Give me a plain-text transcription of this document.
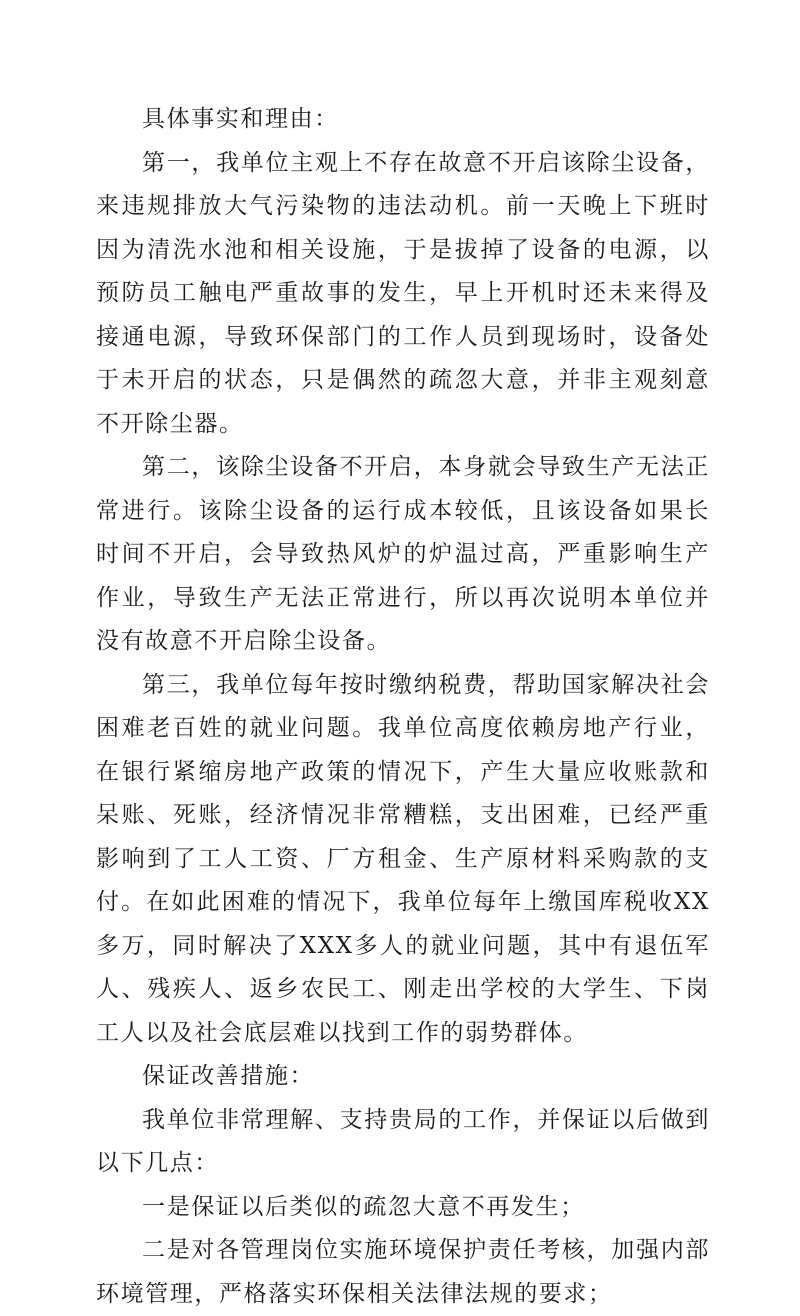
具体事实和理由：

第一，我单位主观上不存在故意不开启该除尘设备，来违规排放大气污染物的违法动机。前一天晚上下班时因为清洗水池和相关设施，于是拔掉了设备的电源，以预防员工触电严重故事的发生，早上开机时还未来得及接通电源，导致环保部门的工作人员到现场时，设备处于未开启的状态，只是偶然的疏忽大意，并非主观刻意不开除尘器。

第二，该除尘设备不开启，本身就会导致生产无法正常进行。该除尘设备的运行成本较低，且该设备如果长时间不开启，会导致热风炉的炉温过高，严重影响生产作业，导致生产无法正常进行，所以再次说明本单位并没有故意不开启除尘设备。

第三，我单位每年按时缴纳税费，帮助国家解决社会困难老百姓的就业问题。我单位高度依赖房地产行业，在银行紧缩房地产政策的情况下，产生大量应收账款和呆账、死账，经济情况非常糟糕，支出困难，已经严重影响到了工人工资、厂方租金、生产原材料采购款的支付。在如此困难的情况下，我单位每年上缴国库税收XX多万，同时解决了XXX多人的就业问题，其中有退伍军人、残疾人、返乡农民工、刚走出学校的大学生、下岗工人以及社会底层难以找到工作的弱势群体。

保证改善措施：

我单位非常理解、支持贵局的工作，并保证以后做到以下几点：

一是保证以后类似的疏忽大意不再发生；

二是对各管理岗位实施环境保护责任考核，加强内部环境管理，严格落实环保相关法律法规的要求；
